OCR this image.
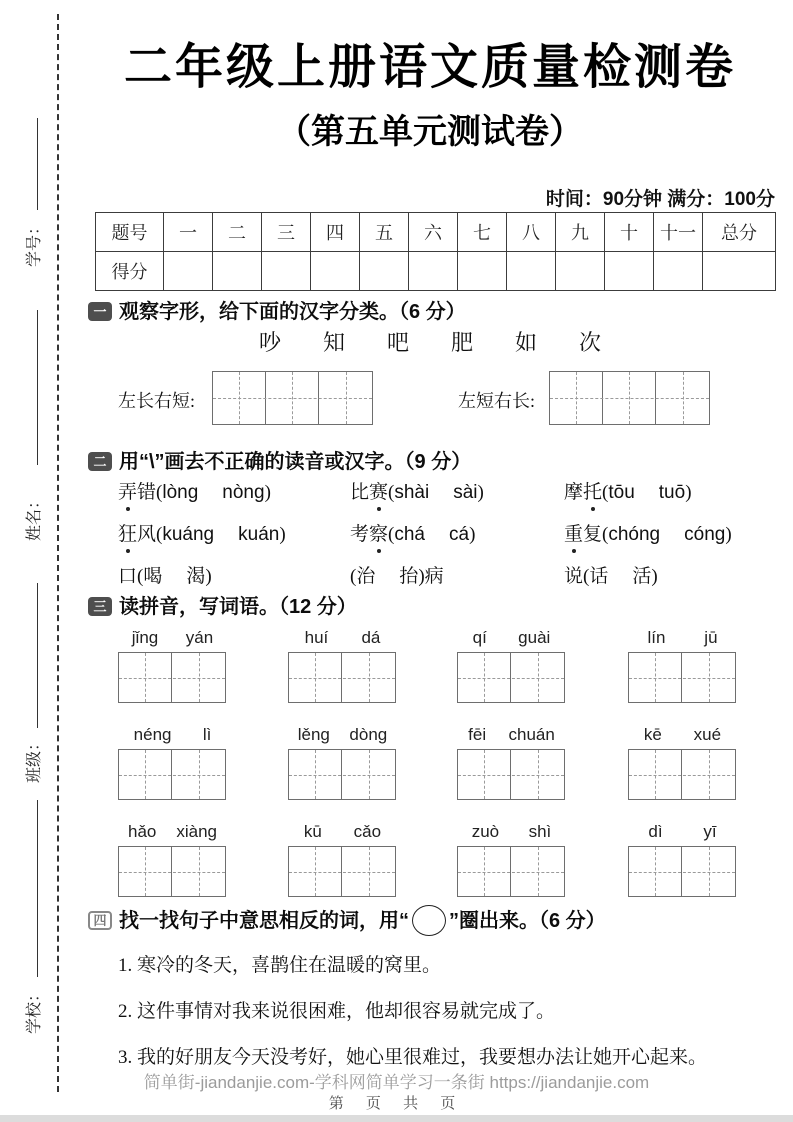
学号：
姓名：
班级：
学校：
二年级上册语文质量检测卷
（第五单元测试卷）
时间：90分钟 满分：100分
题号	一	二	三	四	五	六	七	八	九	十	十一	总分
得分												
一 观察字形，给下面的汉字分类。（6 分）
吵 知 吧 肥 如 次
左长右短:	左短右长:
二 用“\”画去不正确的读音或汉字。（9 分）
弄错(lòng nòng)	比赛(shài sài)	摩托(tōu tuō)
狂风(kuáng kuán)	考察(chá cá)	重复(chóng cóng)
口(喝 渴)	(治 抬)病	说(话 活)
三 读拼音，写词语。（12 分）
jǐng yán	huí dá	qí guài	lín jū
néng lì	lěng dòng	fēi chuán	kē xué
hǎo xiàng	kū cǎo	zuò shì	dì yī
四 找一找句子中意思相反的词，用“ ”圈出来。（6 分）
1. 寒冷的冬天，喜鹊住在温暖的窝里。
2. 这件事情对我来说很困难，他却很容易就完成了。
3. 我的好朋友今天没考好，她心里很难过，我要想办法让她开心起来。
简单街-jiandanjie.com-学科网简单学习一条街 https://jiandanjie.com
第 页 共 页
